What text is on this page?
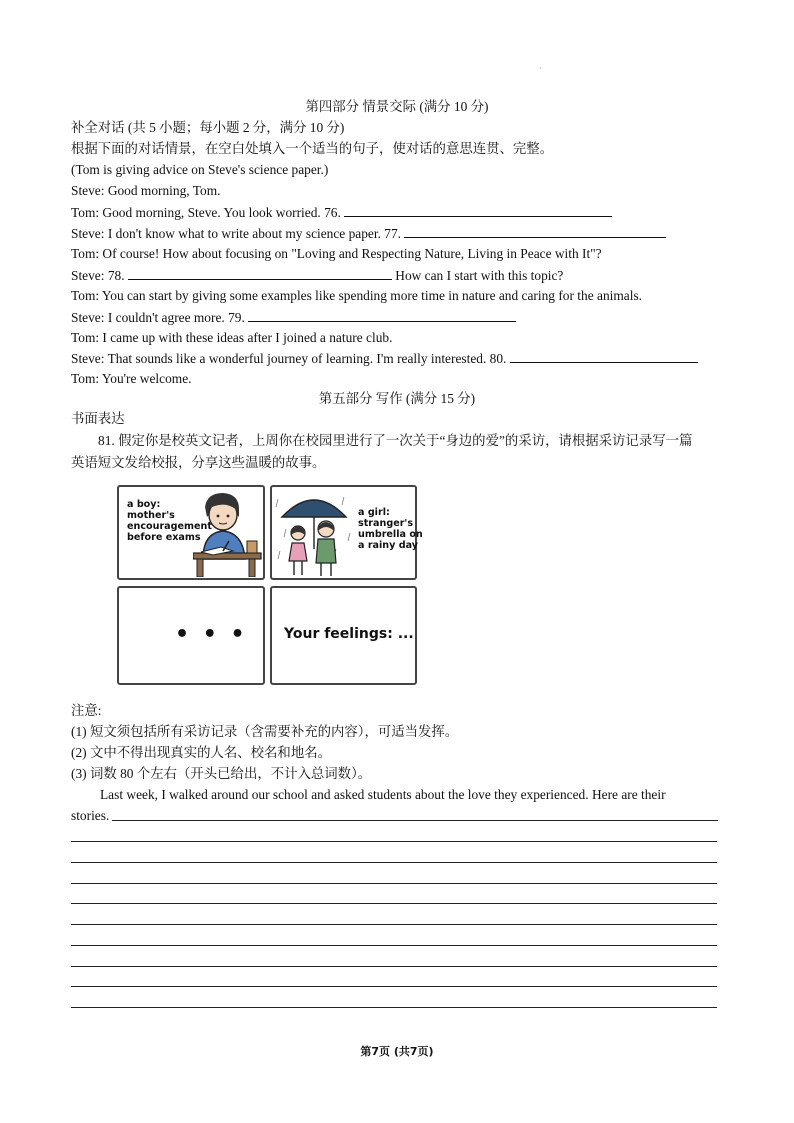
·
第四部分 情景交际 (满分 10 分)
补全对话 (共 5 小题；每小题 2 分，满分 10 分)
根据下面的对话情景，在空白处填入一个适当的句子，使对话的意思连贯、完整。
(Tom is giving advice on Steve's science paper.)
Steve: Good morning, Tom.
Tom: Good morning, Steve. You look worried. 76.
Steve: I don't know what to write about my science paper. 77.
Tom: Of course! How about focusing on "Loving and Respecting Nature, Living in Peace with It"?
Steve: 78.	How can I start with this topic?
Tom: You can start by giving some examples like spending more time in nature and caring for the animals.
Steve: I couldn't agree more. 79.
Tom: I came up with these ideas after I joined a nature club.
Steve: That sounds like a wonderful journey of learning. I'm really interested. 80.
Tom: You're welcome.
第五部分 写作 (满分 15 分)
书面表达
81. 假定你是校英文记者，上周你在校园里进行了一次关于“身边的爱”的采访，请根据采访记录写一篇
英语短文发给校报，分享这些温暖的故事。
a boy:
mother's
encouragement
before exams
a girl:
stranger's
umbrella on
a rainy day
• • •	Your feelings: ...
注意:
(1) 短文须包括所有采访记录（含需要补充的内容），可适当发挥。
(2) 文中不得出现真实的人名、校名和地名。
(3) 词数 80 个左右（开头已给出，不计入总词数）。
Last week, I walked around our school and asked students about the love they experienced. Here are their
stories.
第7页 (共7页)
